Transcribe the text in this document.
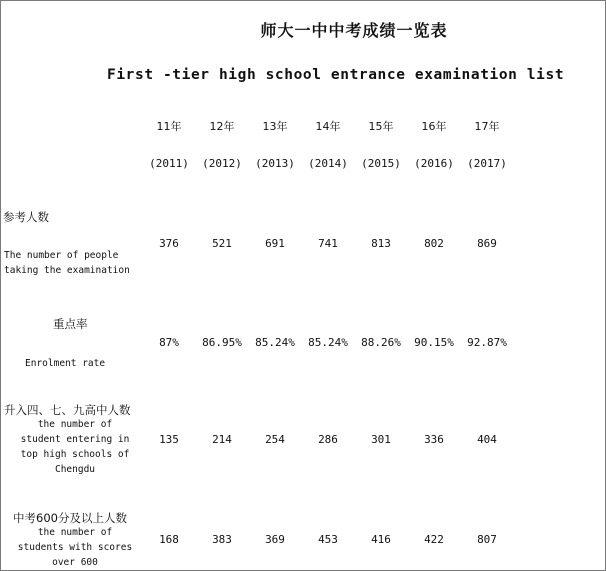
师大一中中考成绩一览表
First -tier high school entrance examination list
11年	12年	13年	14年	15年	16年	17年
(2011)	(2012)	(2013)	(2014)	(2015)	(2016)	(2017)
参考人数
The number of people
taking the examination
376	521	691	741	813	802	869
重点率
Enrolment rate
87%	86.95%	85.24%	85.24%	88.26%	90.15%	92.87%
升入四、七、九高中人数
the number of
student entering in
top high schools of
Chengdu
135	214	254	286	301	336	404
中考600分及以上人数
the number of
students with scores
over 600
168	383	369	453	416	422	807
